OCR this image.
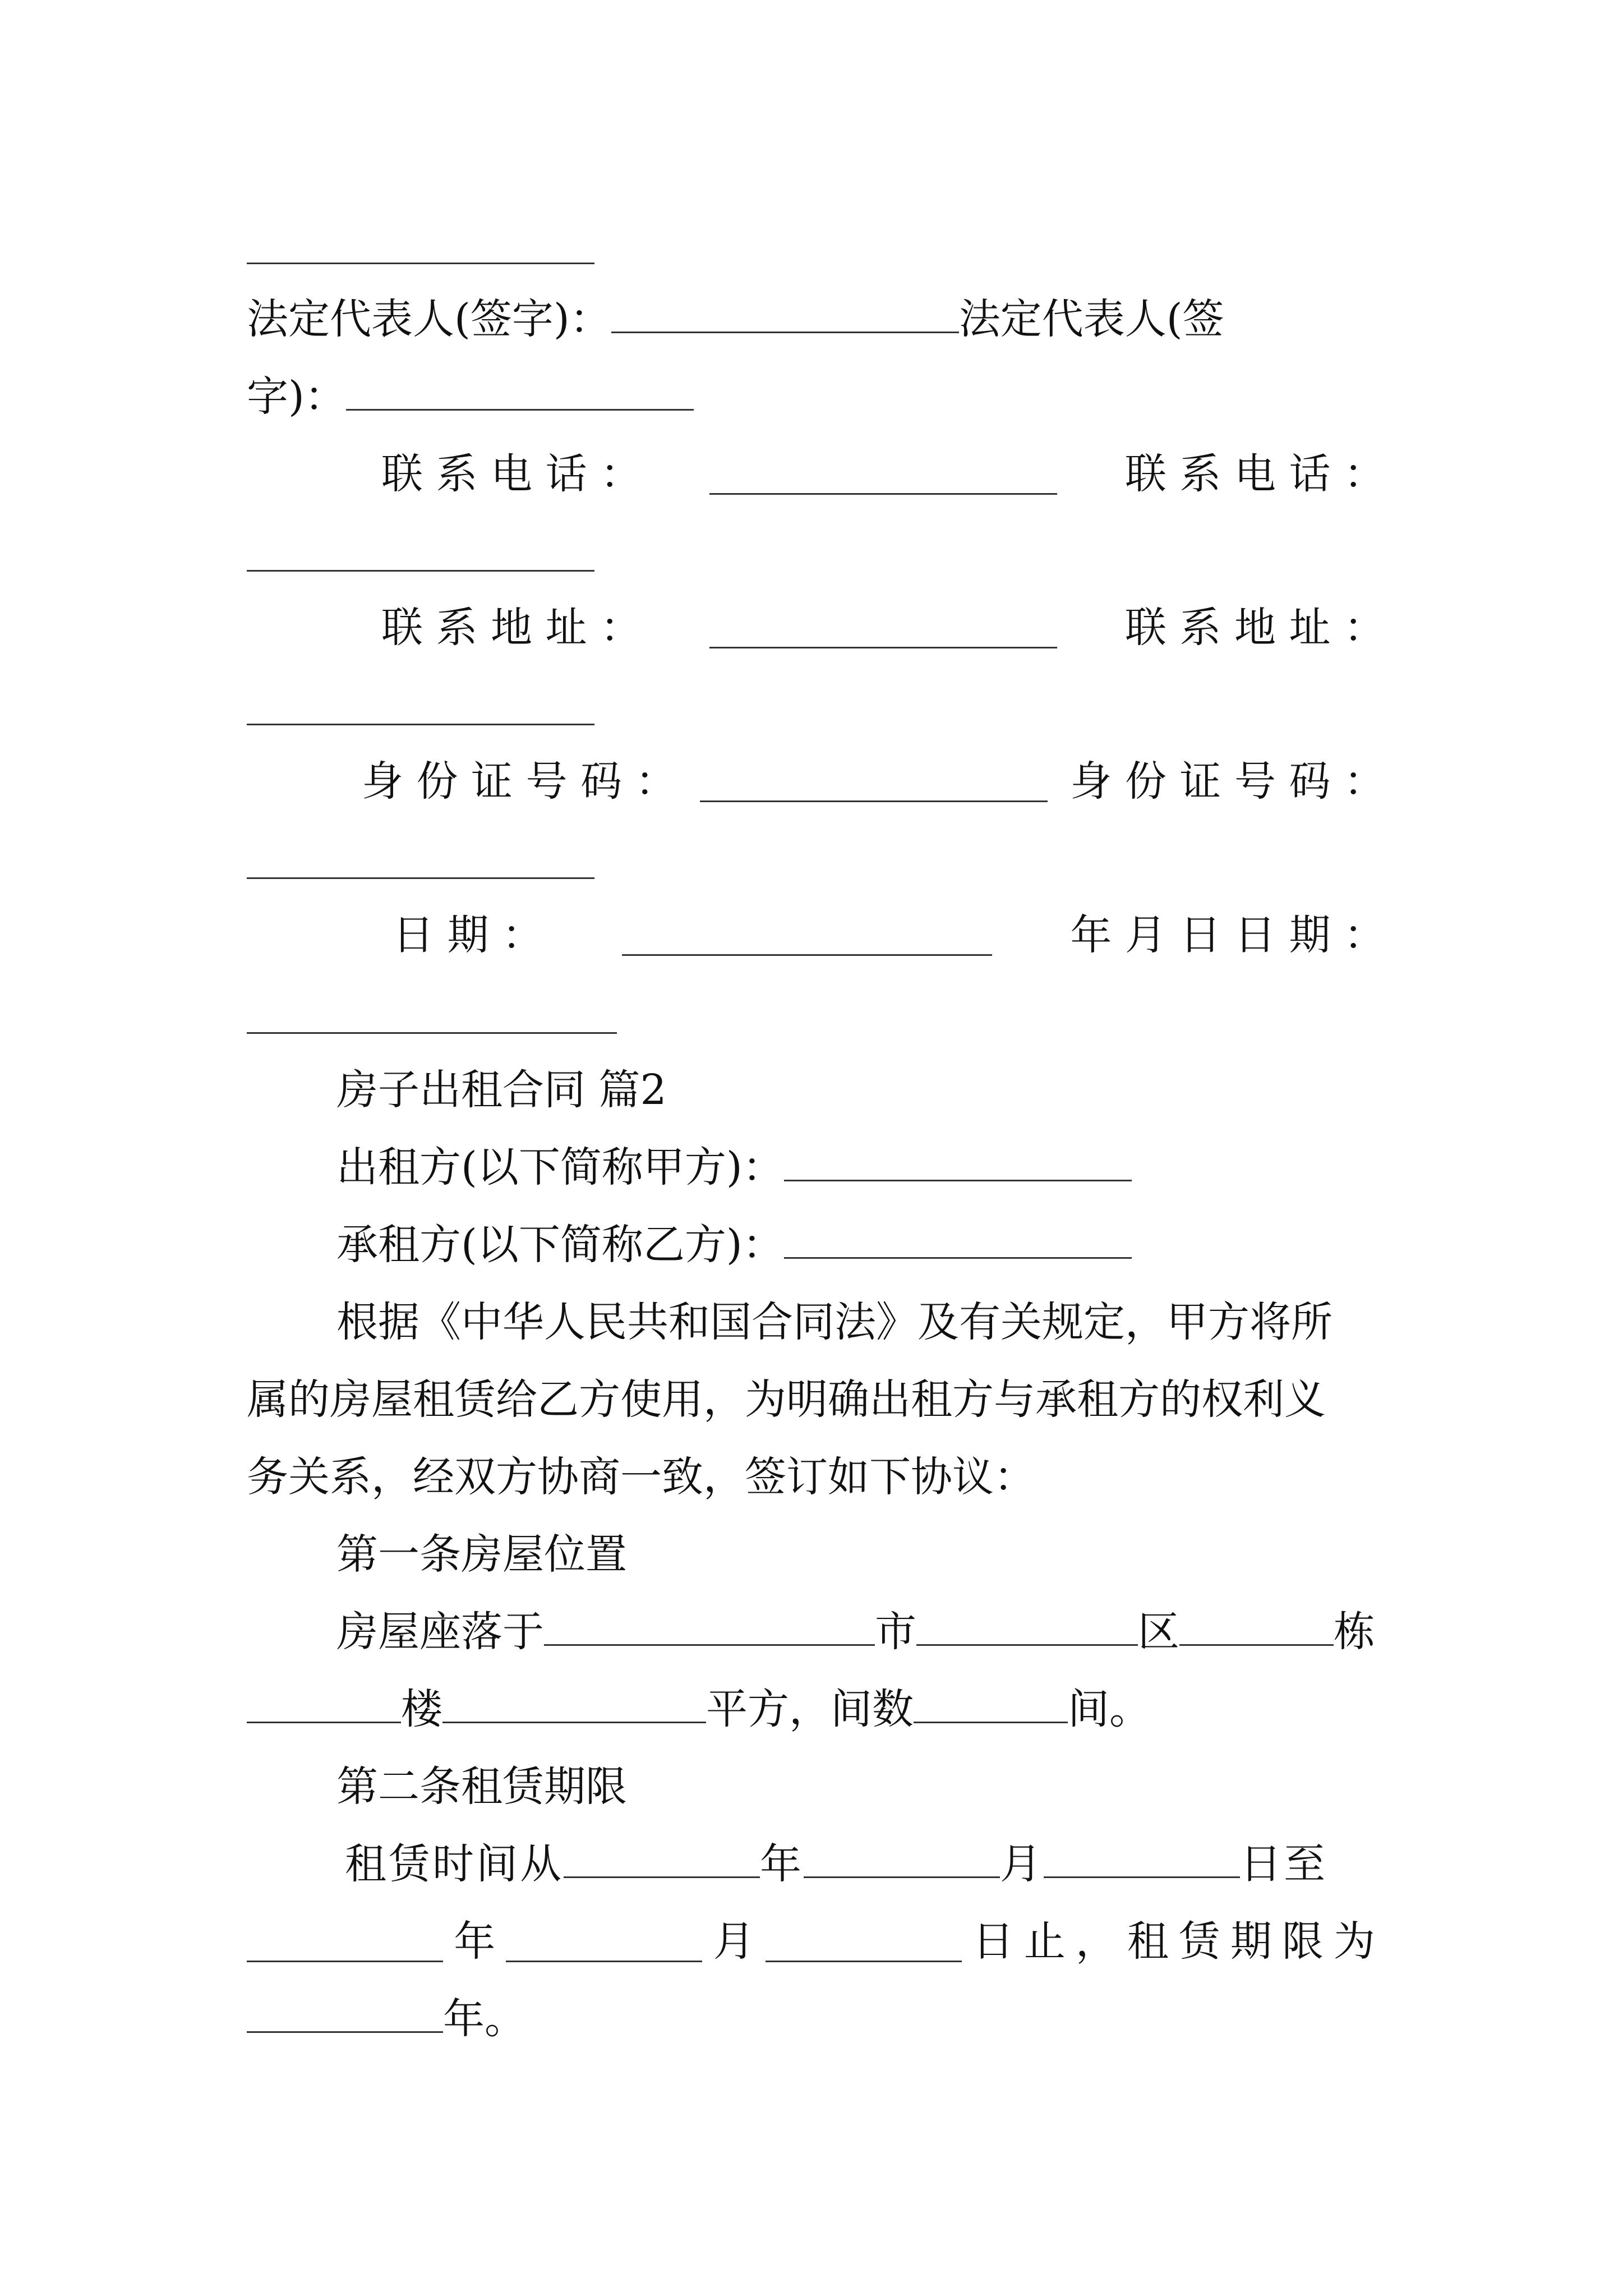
法定代表人(签字)：	法定代表人(签
字)：
联 系 电 话 ：	联 系 电 话 ：
联 系 地 址 ：	联 系 地 址 ：
身 份 证 号 码 ：	身 份 证 号 码 ：
日 期 ：	年 月 日 日 期 ：
房子出租合同 篇2
出租方(以下简称甲方)：
承租方(以下简称乙方)：
根据《中华人民共和国合同法》及有关规定，甲方将所
属的房屋租赁给乙方使用，为明确出租方与承租方的权利义
务关系，经双方协商一致，签订如下协议：
第一条房屋位置
房屋座落于	市	区	栋
楼	平方，间数	间。
第二条租赁期限
租赁时间从	年	月	日至
年	月	日止，租赁期限为
年。
